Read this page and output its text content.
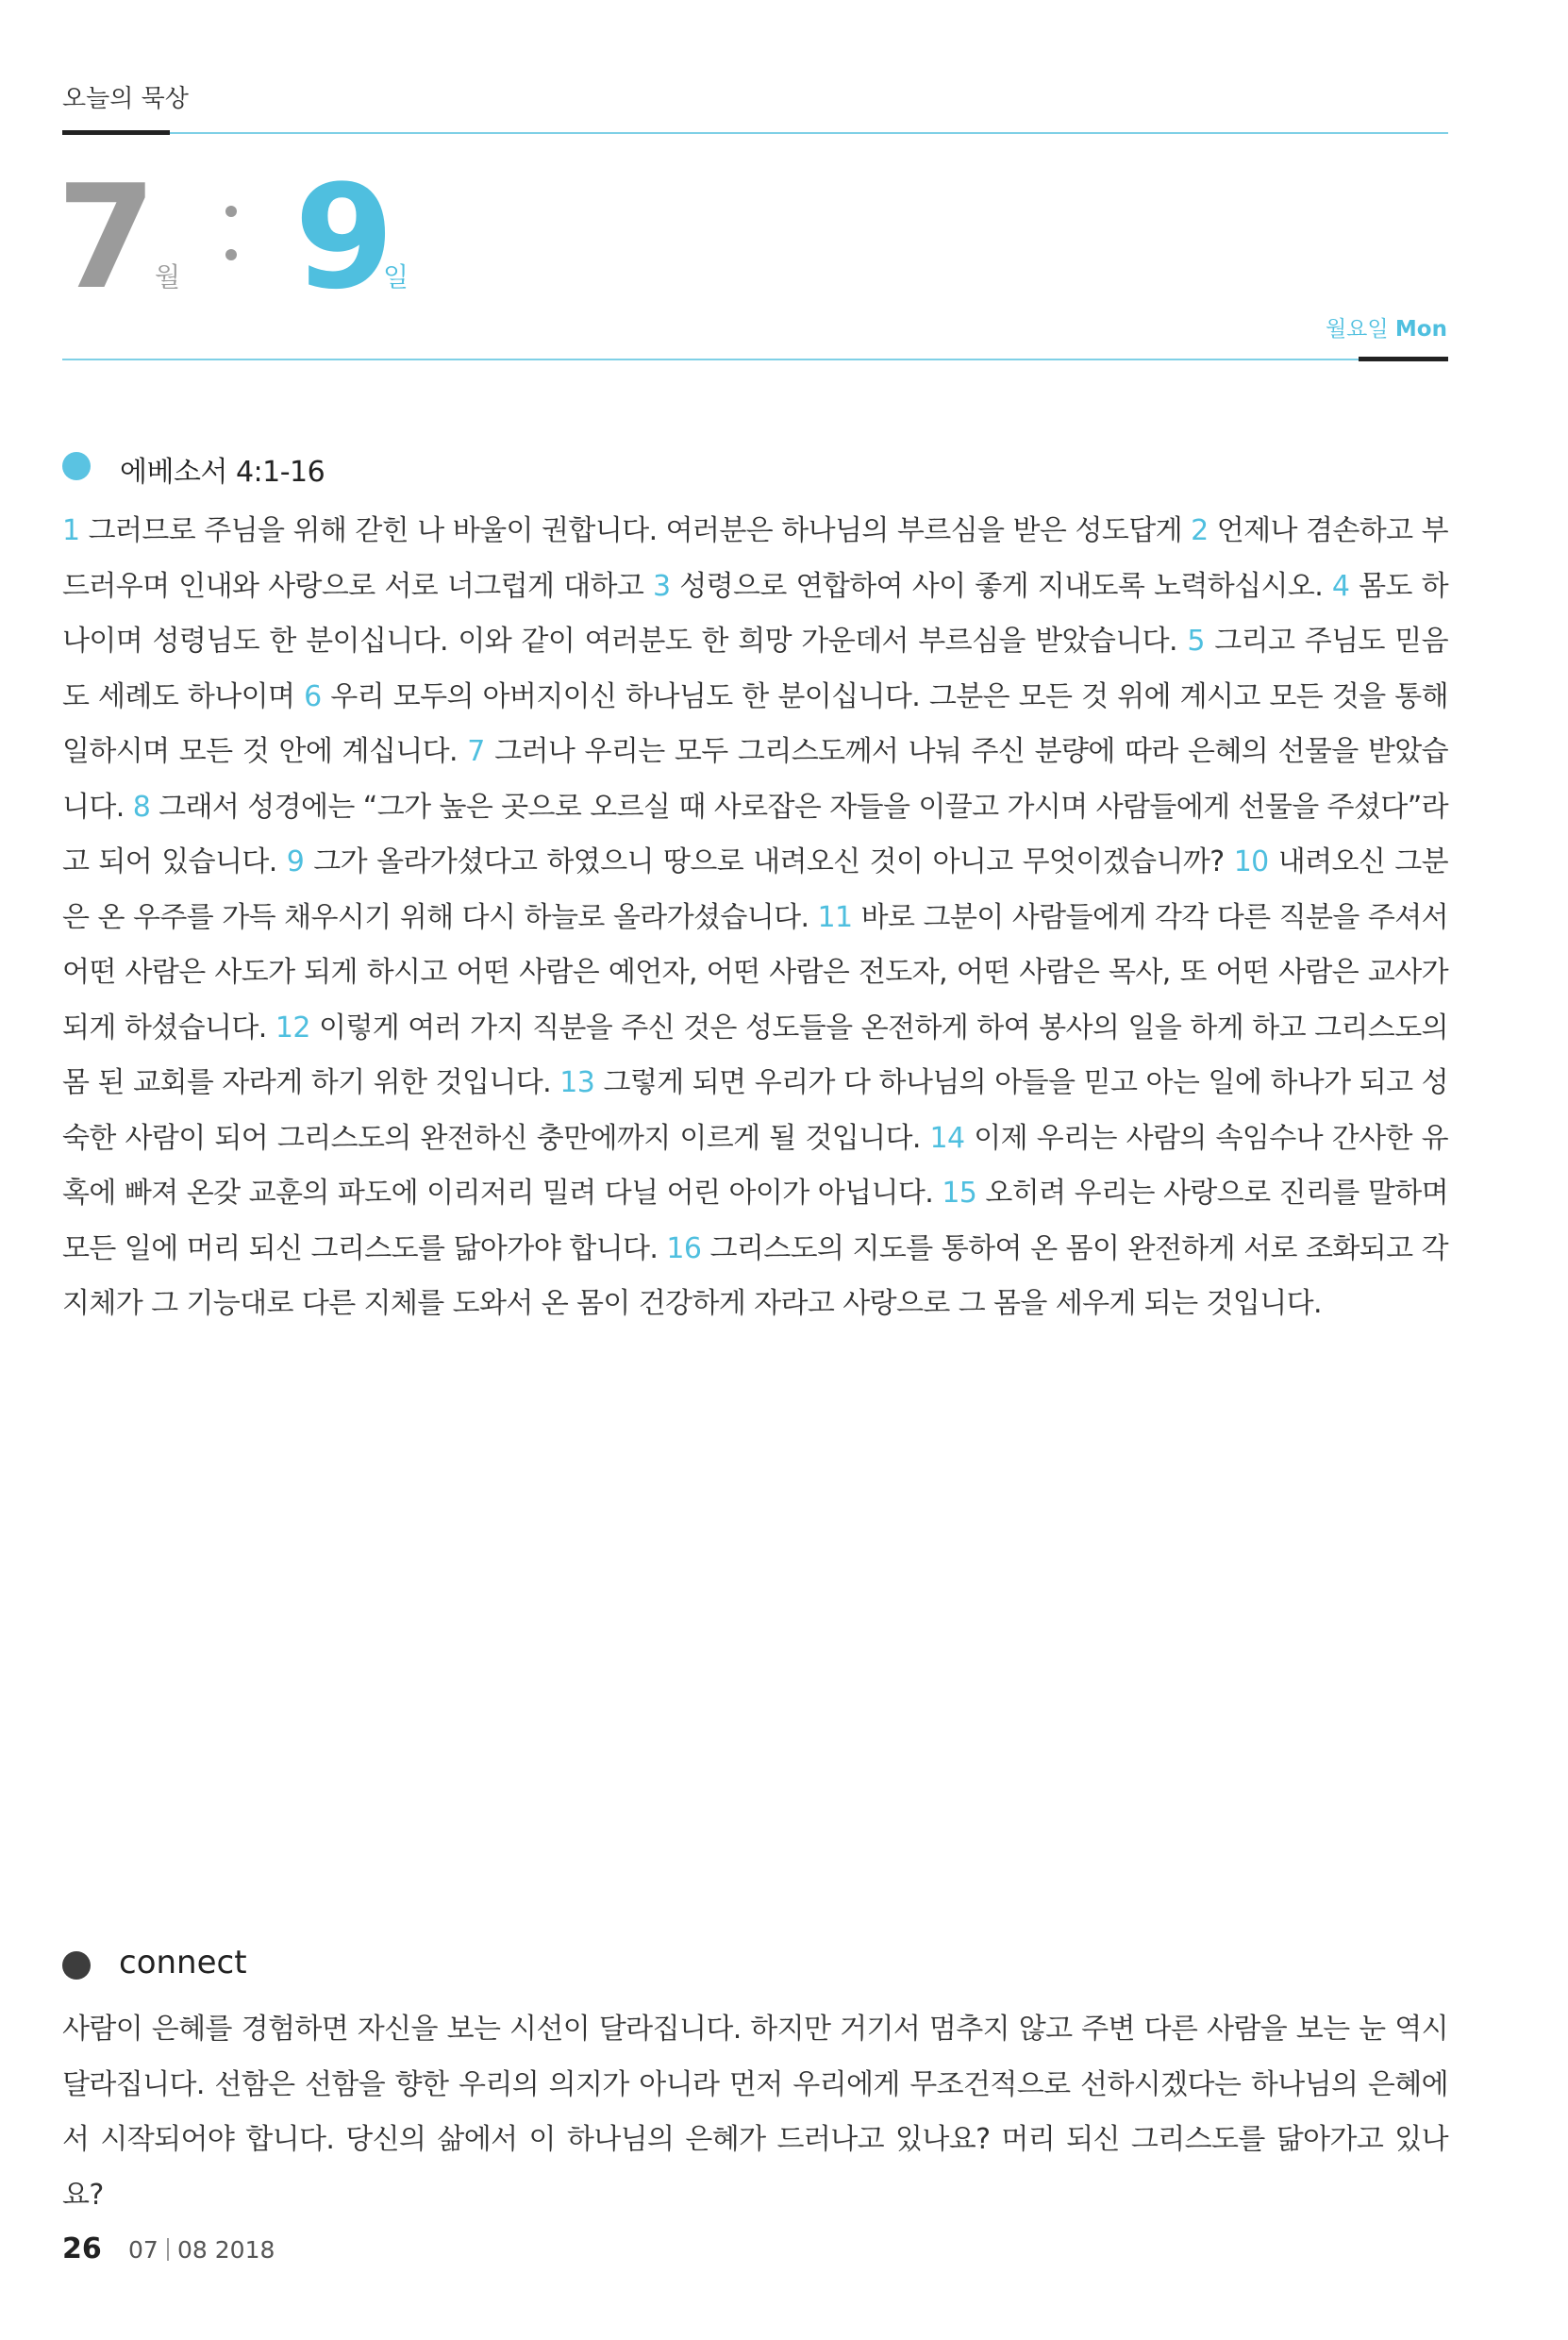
오늘의 묵상
7 월 9
일
월요일 Mon
에베소서 4:1-16
1 그러므로 주님을 위해 갇힌 나 바울이 권합니다. 여러분은 하나님의 부르심을 받은 성도답게 2 언제나 겸손하고 부드러우며 인내와 사랑으로 서로 너그럽게 대하고 3 성령으로 연합하여 사이 좋게 지내도록 노력하십시오. 4 몸도 하나이며 성령님도 한 분이십니다. 이와 같이 여러분도 한 희망 가운데서 부르심을 받았습니다. 5 그리고 주님도 믿음도 세례도 하나이며 6 우리 모두의 아버지이신 하나님도 한 분이십니다. 그분은 모든 것 위에 계시고 모든 것을 통해 일하시며 모든 것 안에 계십니다. 7 그러나 우리는 모두 그리스도께서 나눠 주신 분량에 따라 은혜의 선물을 받았습니다. 8 그래서 성경에는 “그가 높은 곳으로 오르실 때 사로잡은 자들을 이끌고 가시며 사람들에게 선물을 주셨다”라고 되어 있습니다. 9 그가 올라가셨다고 하였으니 땅으로 내려오신 것이 아니고 무엇이겠습니까? 10 내려오신 그분은 온 우주를 가득 채우시기 위해 다시 하늘로 올라가셨습니다. 11 바로 그분이 사람들에게 각각 다른 직분을 주셔서 어떤 사람은 사도가 되게 하시고 어떤 사람은 예언자, 어떤 사람은 전도자, 어떤 사람은 목사, 또 어떤 사람은 교사가 되게 하셨습니다. 12 이렇게 여러 가지 직분을 주신 것은 성도들을 온전하게 하여 봉사의 일을 하게 하고 그리스도의 몸 된 교회를 자라게 하기 위한 것입니다. 13 그렇게 되면 우리가 다 하나님의 아들을 믿고 아는 일에 하나가 되고 성숙한 사람이 되어 그리스도의 완전하신 충만에까지 이르게 될 것입니다. 14 이제 우리는 사람의 속임수나 간사한 유혹에 빠져 온갖 교훈의 파도에 이리저리 밀려 다닐 어린 아이가 아닙니다. 15 오히려 우리는 사랑으로 진리를 말하며 모든 일에 머리 되신 그리스도를 닮아가야 합니다. 16 그리스도의 지도를 통하여 온 몸이 완전하게 서로 조화되고 각 지체가 그 기능대로 다른 지체를 도와서 온 몸이 건강하게 자라고 사랑으로 그 몸을 세우게 되는 것입니다.
connect
사람이 은혜를 경험하면 자신을 보는 시선이 달라집니다. 하지만 거기서 멈추지 않고 주변 다른 사람을 보는 눈 역시 달라집니다. 선함은 선함을 향한 우리의 의지가 아니라 먼저 우리에게 무조건적으로 선하시겠다는 하나님의 은혜에서 시작되어야 합니다. 당신의 삶에서 이 하나님의 은혜가 드러나고 있나요? 머리 되신 그리스도를 닮아가고 있나요?
26 07 08 2018
